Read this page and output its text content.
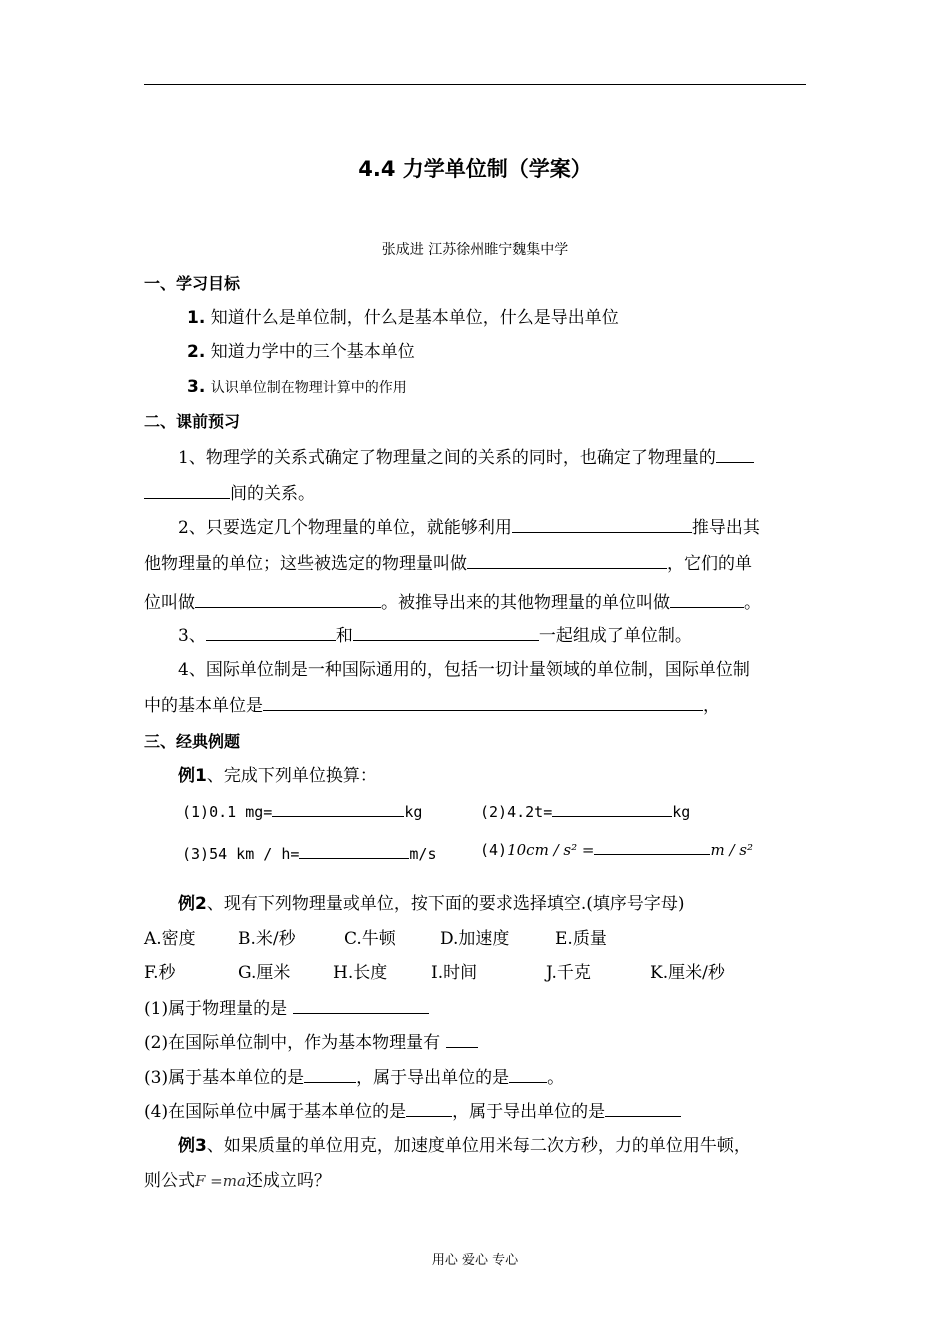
4.4 力学单位制（学案）
张成进 江苏徐州睢宁魏集中学
一、学习目标
1. 知道什么是单位制，什么是基本单位，什么是导出单位
2. 知道力学中的三个基本单位
3. 认识单位制在物理计算中的作用
二、课前预习
1、物理学的关系式确定了物理量之间的关系的同时，也确定了物理量的
间的关系。
2、只要选定几个物理量的单位，就能够利用	推导出其
他物理量的单位；这些被选定的物理量叫做	，它们的单
位叫做	。被推导出来的其他物理量的单位叫做	。
3、	和	一起组成了单位制。
4、国际单位制是一种国际通用的，包括一切计量领域的单位制，国际单位制
中的基本单位是	，
三、经典例题
例1、完成下列单位换算：
(1)0.1 mg=	kg	(2)4.2t=	kg
(3)54 km / h=	m/s	(4)10cm / s² =	m / s²
例2、现有下列物理量或单位，按下面的要求选择填空.(填序号字母)
A.密度 B.米/秒	C.牛顿	D.加速度	E.质量
F.秒	G.厘米	H.长度	I.时间	J.千克	K.厘米/秒
(1)属于物理量的是
(2)在国际单位制中，作为基本物理量有
(3)属于基本单位的是	，属于导出单位的是 。
(4)在国际单位中属于基本单位的是	，属于导出单位的是
例3、如果质量的单位用克，加速度单位用米每二次方秒，力的单位用牛顿，
则公式F =ma还成立吗？
用心 爱心 专心
